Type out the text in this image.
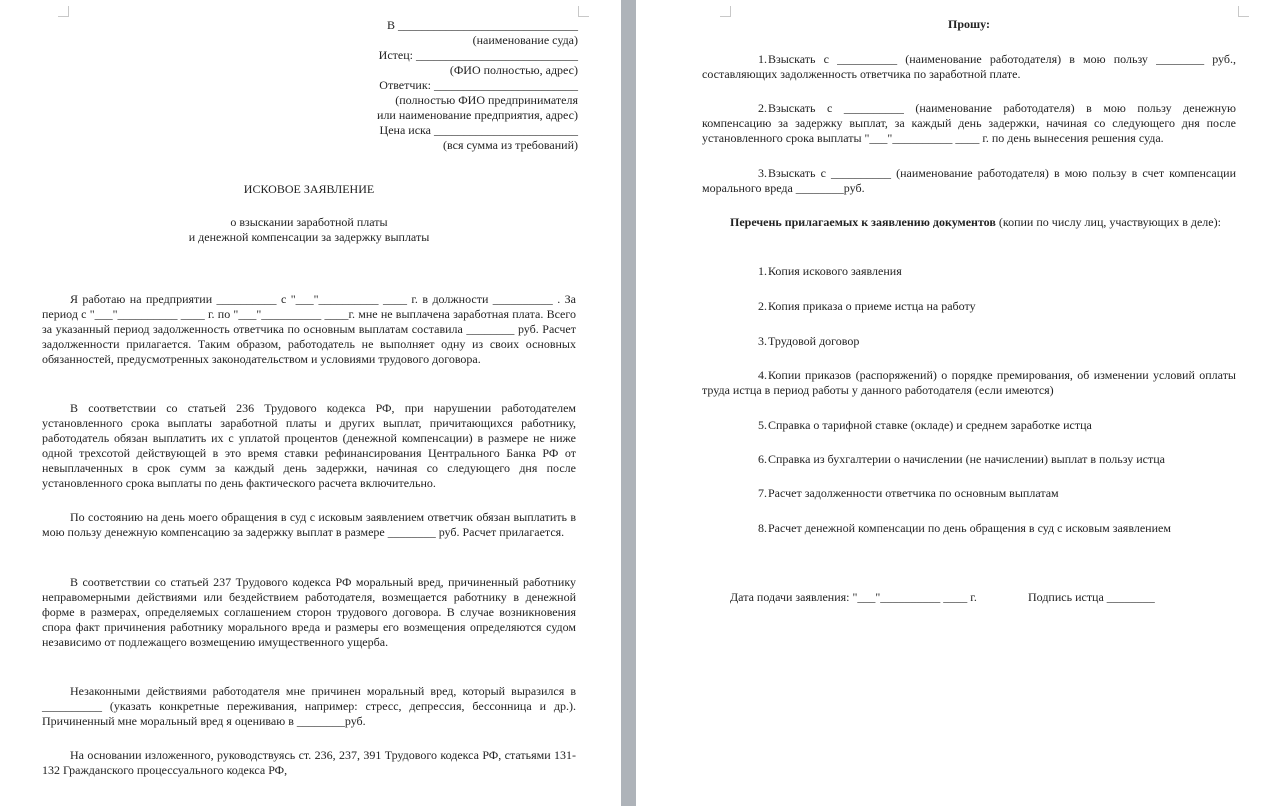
В ______________________________
(наименование суда)
Истец: ___________________________
(ФИО полностью, адрес)
Ответчик: ________________________
(полностью ФИО предпринимателя
или наименование предприятия, адрес)
Цена иска ________________________
(вся сумма из требований)
ИСКОВОЕ ЗАЯВЛЕНИЕ
о взыскании заработной платы
и денежной компенсации за задержку выплаты
Я работаю на предприятии __________ с "___"__________ ____ г. в должности __________ . За период с "___"__________ ____ г. по "___"__________ ____г. мне не выплачена заработная плата. Всего за указанный период задолженность ответчика по основным выплатам составила ________ руб. Расчет задолженности прилагается. Таким образом, работодатель не выполняет одну из своих основных обязанностей, предусмотренных законодательством и условиями трудового договора.
В соответствии со статьей 236 Трудового кодекса РФ, при нарушении работодателем установленного срока выплаты заработной платы и других выплат, причитающихся работнику, работодатель обязан выплатить их с уплатой процентов (денежной компенсации) в размере не ниже одной трехсотой действующей в это время ставки рефинансирования Центрального Банка РФ от невыплаченных в срок сумм за каждый день задержки, начиная со следующего дня после установленного срока выплаты по день фактического расчета включительно.
По состоянию на день моего обращения в суд с исковым заявлением ответчик обязан выплатить в мою пользу денежную компенсацию за задержку выплат в размере ________ руб. Расчет прилагается.
В соответствии со статьей 237 Трудового кодекса РФ моральный вред, причиненный работнику неправомерными действиями или бездействием работодателя, возмещается работнику в денежной форме в размерах, определяемых соглашением сторон трудового договора. В случае возникновения спора факт причинения работнику морального вреда и размеры его возмещения определяются судом независимо от подлежащего возмещению имущественного ущерба.
Незаконными действиями работодателя мне причинен моральный вред, который выразился в __________ (указать конкретные переживания, например: стресс, депрессия, бессонница и др.). Причиненный мне моральный вред я оцениваю в ________руб.
На основании изложенного, руководствуясь ст. 236, 237, 391 Трудового кодекса РФ, статьями 131-132 Гражданского процессуального кодекса РФ,
Прошу:
1.Взыскать с __________ (наименование работодателя) в мою пользу ________ руб., составляющих задолженность ответчика по заработной плате.
2.Взыскать с __________ (наименование работодателя) в мою пользу денежную компенсацию за задержку выплат, за каждый день задержки, начиная со следующего дня после установленного срока выплаты "___"__________ ____ г. по день вынесения решения суда.
3.Взыскать с __________ (наименование работодателя) в мою пользу в счет компенсации морального вреда ________руб.
Перечень прилагаемых к заявлению документов (копии по числу лиц, участвующих в деле):
1.Копия искового заявления
2.Копия приказа о приеме истца на работу
3.Трудовой договор
4.Копии приказов (распоряжений) о порядке премирования, об изменении условий оплаты труда истца в период работы у данного работодателя (если имеются)
5.Справка о тарифной ставке (окладе) и среднем заработке истца
6.Справка из бухгалтерии о начислении (не начислении) выплат в пользу истца
7.Расчет задолженности ответчика по основным выплатам
8.Расчет денежной компенсации по день обращения в суд с исковым заявлением
Дата подачи заявления: "___"__________ ____ г.	Подпись истца ________
